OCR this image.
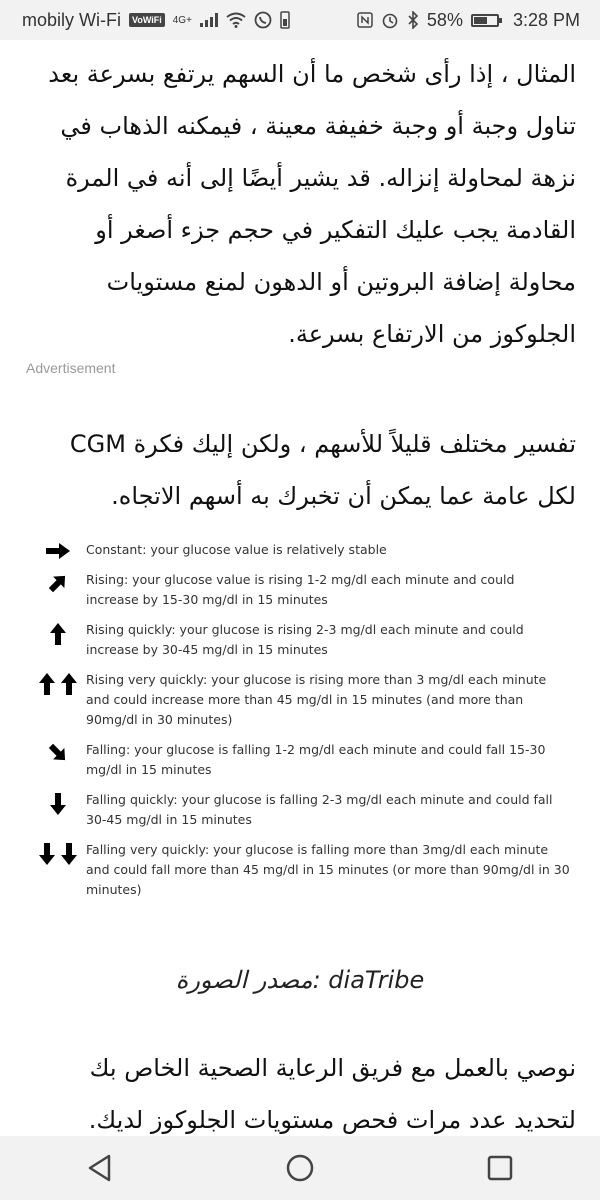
mobily Wi-Fi	VoWiFi	4G+	58%	3:28 PM

المثال ، إذا رأى شخص ما أن السهم يرتفع بسرعة بعد تناول وجبة أو وجبة خفيفة معينة ، فيمكنه الذهاب في نزهة لمحاولة إنزاله. قد يشير أيضًا إلى أنه في المرة القادمة يجب عليك التفكير في حجم جزء أصغر أو محاولة إضافة البروتين أو الدهون لمنع مستويات الجلوكوز من الارتفاع بسرعة.

Advertisement

تفسير مختلف قليلاً للأسهم ، ولكن إليك فكرة CGM لكل عامة عما يمكن أن تخبرك به أسهم الاتجاه.

Constant: your glucose value is relatively stable
Rising: your glucose value is rising 1-2 mg/dl each minute and could increase by 15-30 mg/dl in 15 minutes
Rising quickly: your glucose is rising 2-3 mg/dl each minute and could increase by 30-45 mg/dl in 15 minutes
Rising very quickly: your glucose is rising more than 3 mg/dl each minute and could increase more than 45 mg/dl in 15 minutes (and more than 90mg/dl in 30 minutes)
Falling: your glucose is falling 1-2 mg/dl each minute and could fall 15-30 mg/dl in 15 minutes
Falling quickly: your glucose is falling 2-3 mg/dl each minute and could fall 30-45 mg/dl in 15 minutes
Falling very quickly: your glucose is falling more than 3mg/dl each minute and could fall more than 45 mg/dl in 15 minutes (or more than 90mg/dl in 30 minutes)
مصدر الصورة: diaTribe

نوصي بالعمل مع فريق الرعاية الصحية الخاص بك لتحديد عدد مرات فحص مستويات الجلوكوز لديك.
